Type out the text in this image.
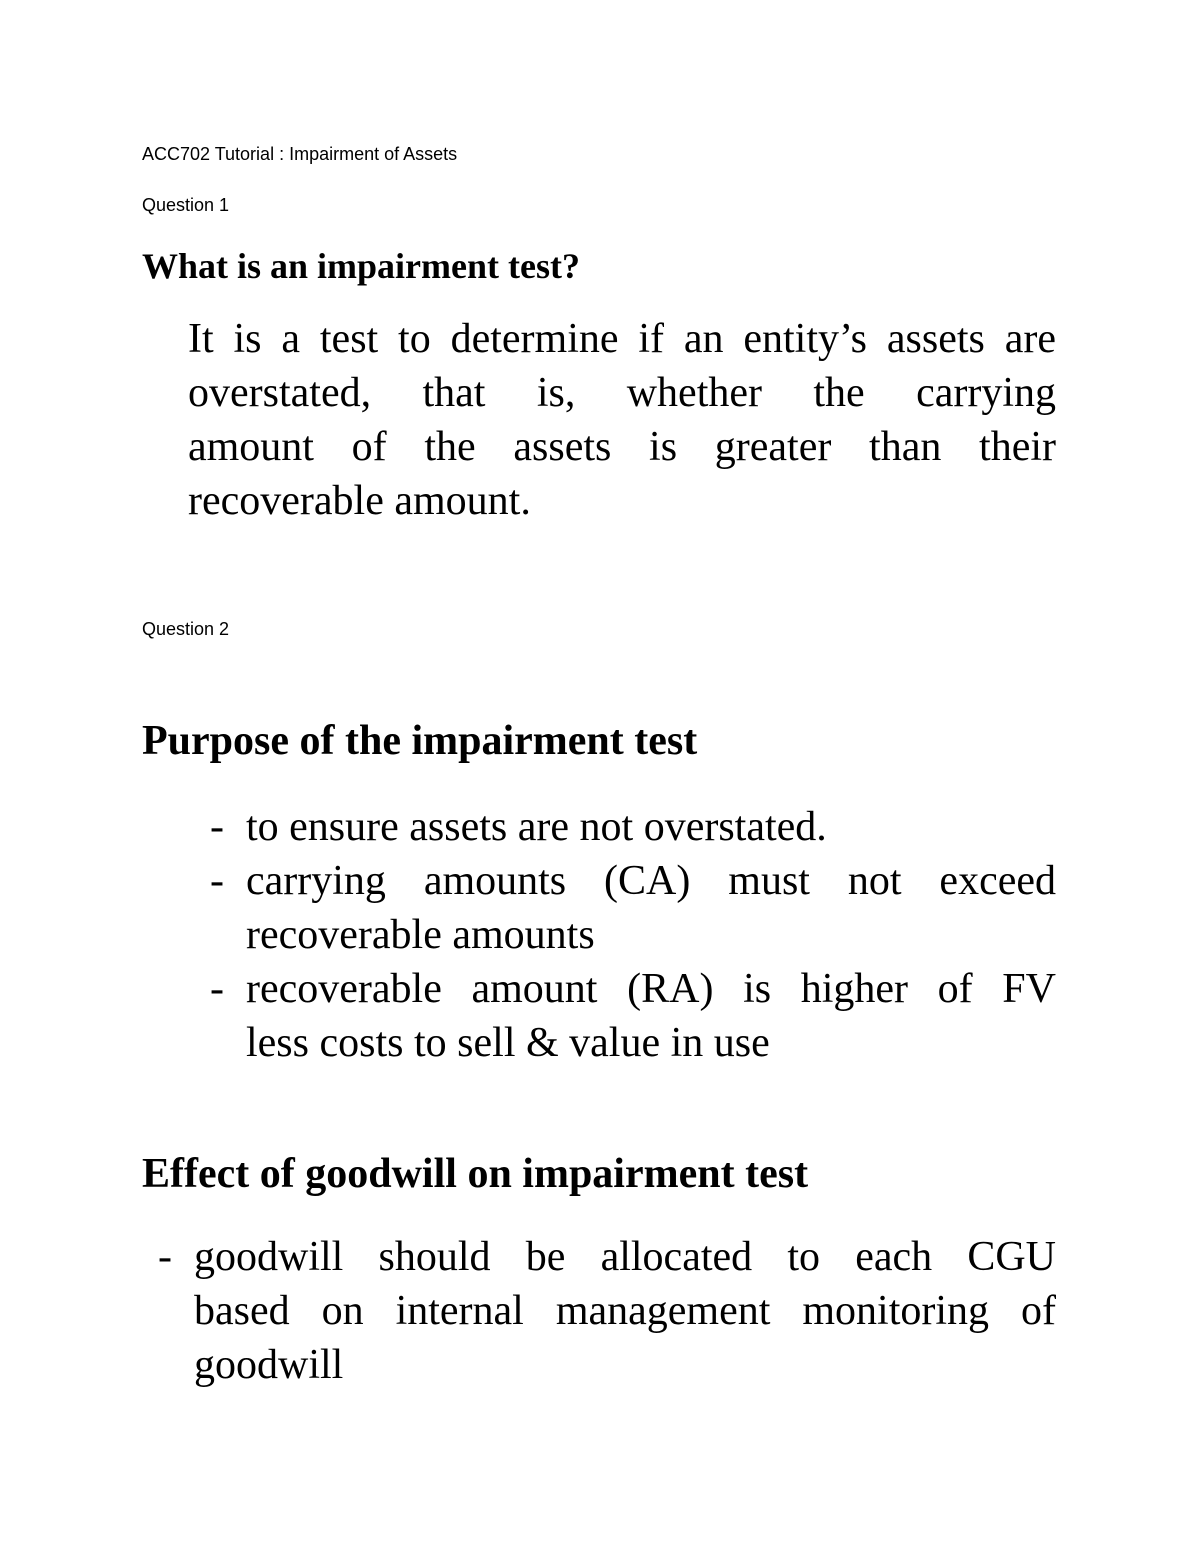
ACC702 Tutorial : Impairment of Assets
Question 1
What is an impairment test?

It is a test to determine if an entity’s assets are
overstated, that is, whether the carrying
amount of the assets is greater than their
recoverable amount.

Question 2
Purpose of the impairment test
- to ensure assets are not overstated.
- carrying amounts (CA) must not exceed
recoverable amounts
- recoverable amount (RA) is higher of FV
less costs to sell & value in use
Effect of goodwill on impairment test
- goodwill should be allocated to each CGU
based on internal management monitoring of
goodwill
